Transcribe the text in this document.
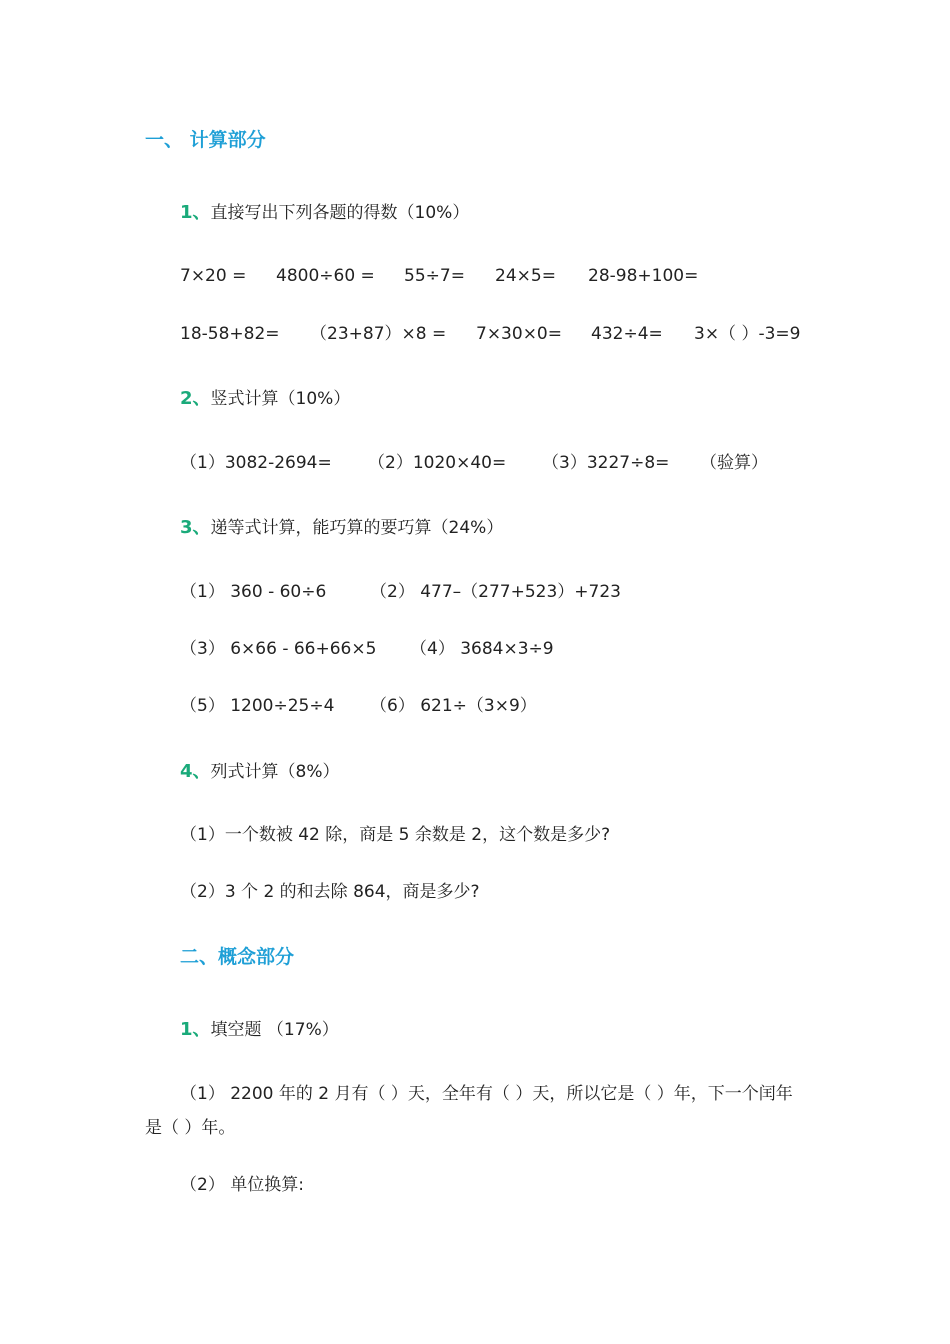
一、 计算部分
1、直接写出下列各题的得数（10%）
7×20 = 4800÷60 = 55÷7= 24×5= 28-98+100=
18-58+82= （23+87）×8 = 7×30×0= 432÷4= 3×（ ）-3=9
2、竖式计算（10%）
（1）3082-2694= （2）1020×40= （3）3227÷8= （验算）
3、递等式计算，能巧算的要巧算（24%）
（1） 360 - 60÷6	（2） 477–（277+523）+723
（3） 6×66 - 66+66×5 （4） 3684×3÷9
（5） 1200÷25÷4 （6） 621÷（3×9）
4、列式计算（8%）
（1）一个数被 42 除，商是 5 余数是 2，这个数是多少?
（2）3 个 2 的和去除 864，商是多少?
二、概念部分
1、填空题 （17%）
（1） 2200 年的 2 月有（ ）天，全年有（ ）天，所以它是（ ）年，下一个闰年
是（ ）年。
（2） 单位换算:
